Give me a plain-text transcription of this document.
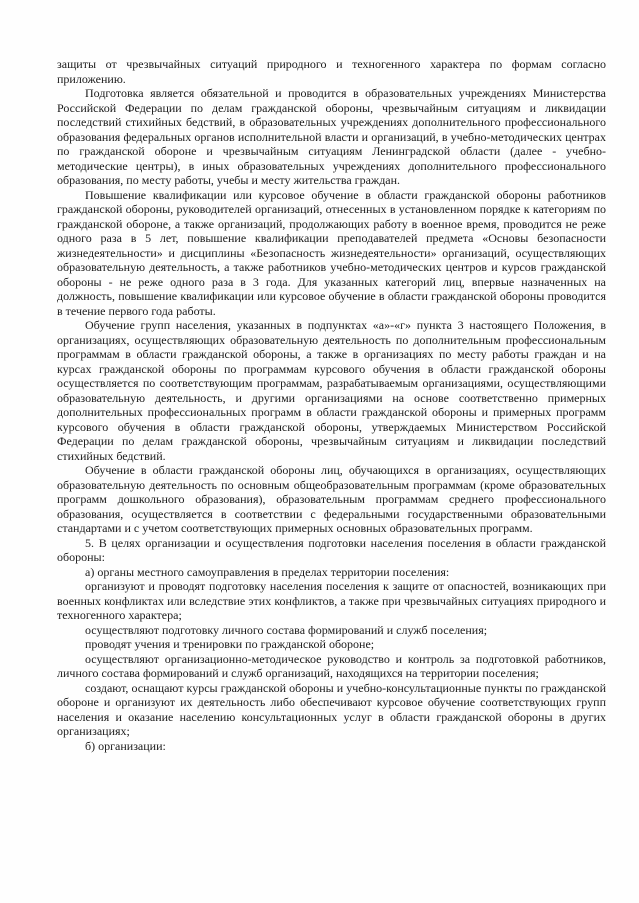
защиты от чрезвычайных ситуаций природного и техногенного характера по формам согласно приложению.

Подготовка является обязательной и проводится в образовательных учреждениях Министерства Российской Федерации по делам гражданской обороны, чрезвычайным ситуациям и ликвидации последствий стихийных бедствий, в образовательных учреждениях дополнительного профессионального образования федеральных органов исполнительной власти и организаций, в учебно-методических центрах по гражданской обороне и чрезвычайным ситуациям Ленинградской области (далее - учебно-методические центры), в иных образовательных учреждениях дополнительного профессионального образования, по месту работы, учебы и месту жительства граждан.

Повышение квалификации или курсовое обучение в области гражданской обороны работников гражданской обороны, руководителей организаций, отнесенных в установленном порядке к категориям по гражданской обороне, а также организаций, продолжающих работу в военное время, проводится не реже одного раза в 5 лет, повышение квалификации преподавателей предмета «Основы безопасности жизнедеятельности» и дисциплины «Безопасность жизнедеятельности» организаций, осуществляющих образовательную деятельность, а также работников учебно-методических центров и курсов гражданской обороны - не реже одного раза в 3 года. Для указанных категорий лиц, впервые назначенных на должность, повышение квалификации или курсовое обучение в области гражданской обороны проводится в течение первого года работы.

Обучение групп населения, указанных в подпунктах «а»-«г» пункта 3 настоящего Положения, в организациях, осуществляющих образовательную деятельность по дополнительным профессиональным программам в области гражданской обороны, а также в организациях по месту работы граждан и на курсах гражданской обороны по программам курсового обучения в области гражданской обороны осуществляется по соответствующим программам, разрабатываемым организациями, осуществляющими образовательную деятельность, и другими организациями на основе соответственно примерных дополнительных профессиональных программ в области гражданской обороны и примерных программ курсового обучения в области гражданской обороны, утверждаемых Министерством Российской Федерации по делам гражданской обороны, чрезвычайным ситуациям и ликвидации последствий стихийных бедствий.

Обучение в области гражданской обороны лиц, обучающихся в организациях, осуществляющих образовательную деятельность по основным общеобразовательным программам (кроме образовательных программ дошкольного образования), образовательным программам среднего профессионального образования, осуществляется в соответствии с федеральными государственными образовательными стандартами и с учетом соответствующих примерных основных образовательных программ.

5. В целях организации и осуществления подготовки населения поселения в области гражданской обороны:

а) органы местного самоуправления в пределах территории поселения:

организуют и проводят подготовку населения поселения к защите от опасностей, возникающих при военных конфликтах или вследствие этих конфликтов, а также при чрезвычайных ситуациях природного и техногенного характера;

осуществляют подготовку личного состава формирований и служб поселения;

проводят учения и тренировки по гражданской обороне;

осуществляют организационно-методическое руководство и контроль за подготовкой работников, личного состава формирований и служб организаций, находящихся на территории поселения;

создают, оснащают курсы гражданской обороны и учебно-консультационные пункты по гражданской обороне и организуют их деятельность либо обеспечивают курсовое обучение соответствующих групп населения и оказание населению консультационных услуг в области гражданской обороны в других организациях;

б) организации:
